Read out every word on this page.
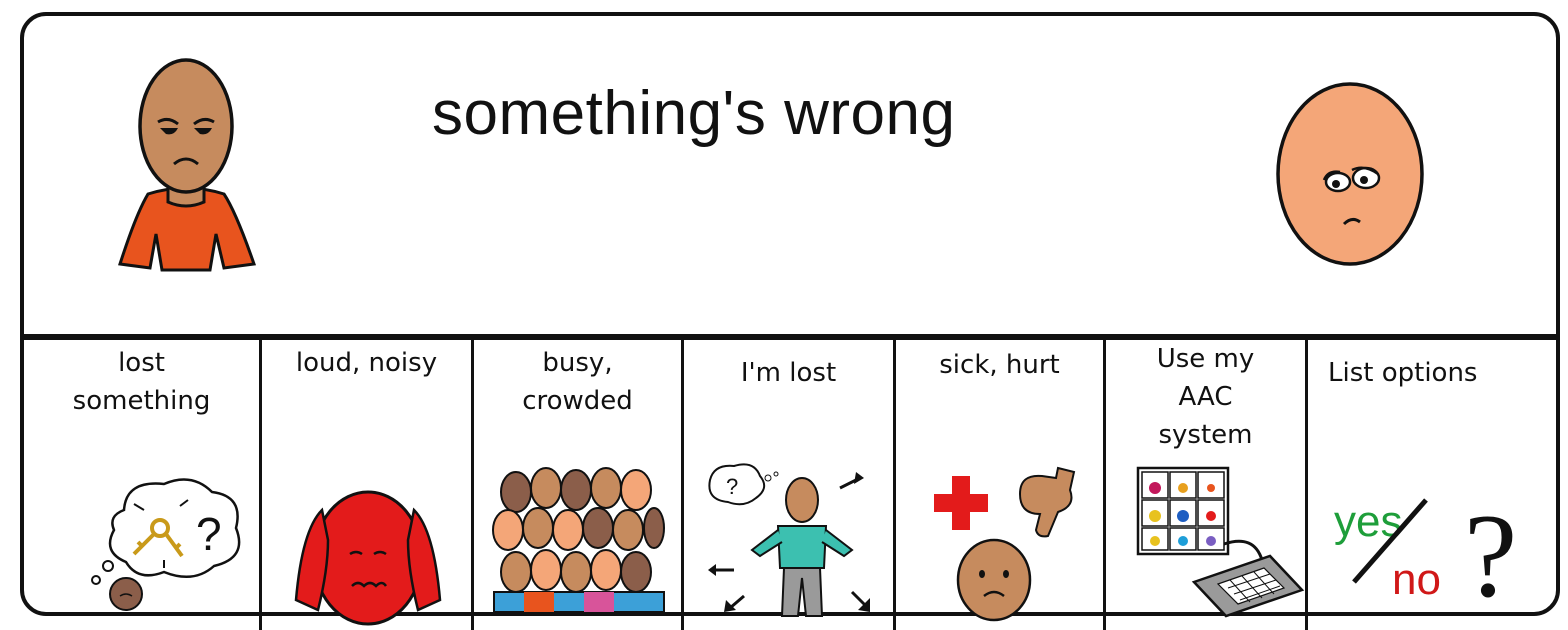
something's wrong
lost
something
?
loud, noisy	busy,
crowded
I'm lost
?
sick, hurt	Use my
AAC
system
List options
yes
no ?
